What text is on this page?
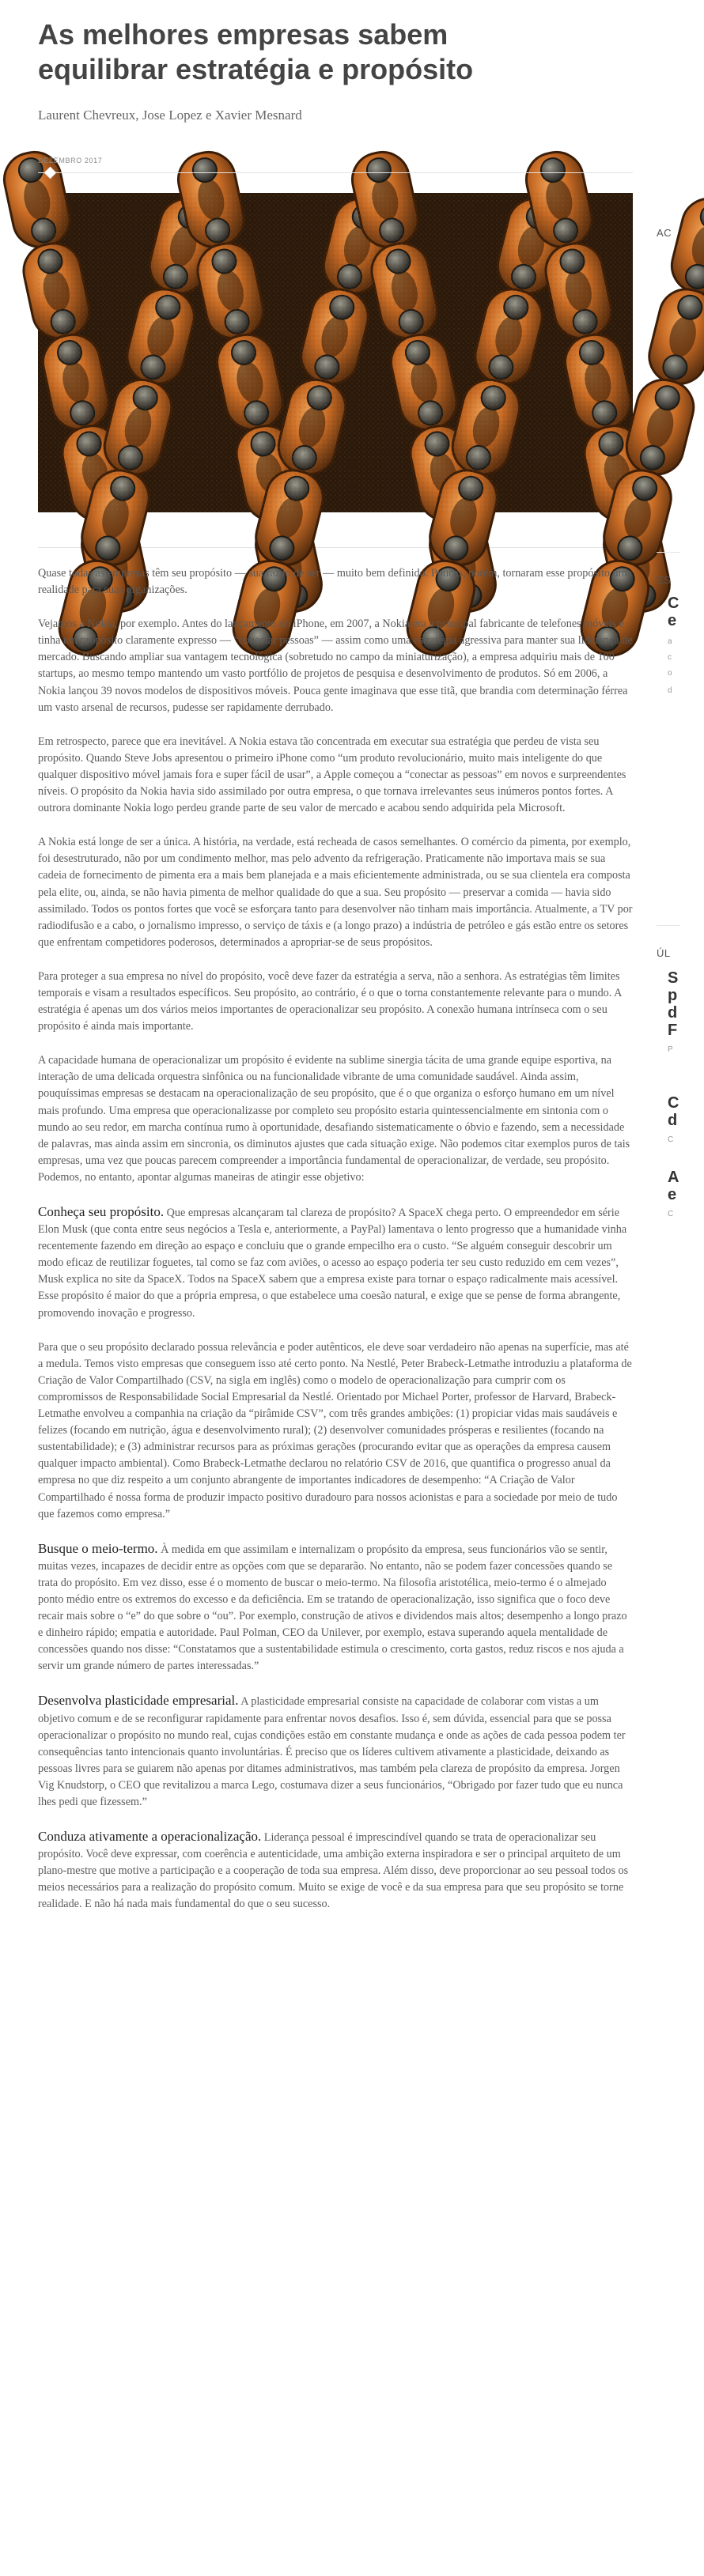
As melhores empresas sabem
equilibrar estratégia e propósito
Laurent Chevreux, Jose Lopez e Xavier Mesnard
DEZEMBRO 2017

Quase todas as empresas têm seu propósito — sua razão de ser — muito bem definido. Poucas, porém, tornaram esse propósito uma realidade para suas organizações.

Vejamos a Nokia, por exemplo. Antes do lançamento do iPhone, em 2007, a Nokia era a principal fabricante de telefones móveis e tinha um propósito claramente expresso — “conectar pessoas” — assim como uma estratégia agressiva para manter sua liderança de mercado. Buscando ampliar sua vantagem tecnológica (sobretudo no campo da miniaturização), a empresa adquiriu mais de 100 startups, ao mesmo tempo mantendo um vasto portfólio de projetos de pesquisa e desenvolvimento de produtos. Só em 2006, a Nokia lançou 39 novos modelos de dispositivos móveis. Pouca gente imaginava que esse titã, que brandia com determinação férrea um vasto arsenal de recursos, pudesse ser rapidamente derrubado.

Em retrospecto, parece que era inevitável. A Nokia estava tão concentrada em executar sua estratégia que perdeu de vista seu propósito. Quando Steve Jobs apresentou o primeiro iPhone como “um produto revolucionário, muito mais inteligente do que qualquer dispositivo móvel jamais fora e super fácil de usar”, a Apple começou a “conectar as pessoas” em novos e surpreendentes níveis. O propósito da Nokia havia sido assimilado por outra empresa, o que tornava irrelevantes seus inúmeros pontos fortes. A outrora dominante Nokia logo perdeu grande parte de seu valor de mercado e acabou sendo adquirida pela Microsoft.

A Nokia está longe de ser a única. A história, na verdade, está recheada de casos semelhantes. O comércio da pimenta, por exemplo, foi desestruturado, não por um condimento melhor, mas pelo advento da refrigeração. Praticamente não importava mais se sua cadeia de fornecimento de pimenta era a mais bem planejada e a mais eficientemente administrada, ou se sua clientela era composta pela elite, ou, ainda, se não havia pimenta de melhor qualidade do que a sua. Seu propósito — preservar a comida — havia sido assimilado. Todos os pontos fortes que você se esforçara tanto para desenvolver não tinham mais importância. Atualmente, a TV por radiodifusão e a cabo, o jornalismo impresso, o serviço de táxis e (a longo prazo) a indústria de petróleo e gás estão entre os setores que enfrentam competidores poderosos, determinados a apropriar-se de seus propósitos.

Para proteger a sua empresa no nível do propósito, você deve fazer da estratégia a serva, não a senhora. As estratégias têm limites temporais e visam a resultados específicos. Seu propósito, ao contrário, é o que o torna constantemente relevante para o mundo. A estratégia é apenas um dos vários meios importantes de operacionalizar seu propósito. A conexão humana intrínseca com o seu propósito é ainda mais importante.

A capacidade humana de operacionalizar um propósito é evidente na sublime sinergia tácita de uma grande equipe esportiva, na interação de uma delicada orquestra sinfônica ou na funcionalidade vibrante de uma comunidade saudável. Ainda assim, pouquíssimas empresas se destacam na operacionalização de seu propósito, que é o que organiza o esforço humano em um nível mais profundo. Uma empresa que operacionalizasse por completo seu propósito estaria quintessencialmente em sintonia com o mundo ao seu redor, em marcha contínua rumo à oportunidade, desafiando sistematicamente o óbvio e fazendo, sem a necessidade de palavras, mas ainda assim em sincronia, os diminutos ajustes que cada situação exige. Não podemos citar exemplos puros de tais empresas, uma vez que poucas parecem compreender a importância fundamental de operacionalizar, de verdade, seu propósito. Podemos, no entanto, apontar algumas maneiras de atingir esse objetivo:

Conheça seu propósito. Que empresas alcançaram tal clareza de propósito? A SpaceX chega perto. O empreendedor em série Elon Musk (que conta entre seus negócios a Tesla e, anteriormente, a PayPal) lamentava o lento progresso que a humanidade vinha recentemente fazendo em direção ao espaço e concluiu que o grande empecilho era o custo. “Se alguém conseguir descobrir um modo eficaz de reutilizar foguetes, tal como se faz com aviões, o acesso ao espaço poderia ter seu custo reduzido em cem vezes”, Musk explica no site da SpaceX. Todos na SpaceX sabem que a empresa existe para tornar o espaço radicalmente mais acessível. Esse propósito é maior do que a própria empresa, o que estabelece uma coesão natural, e exige que se pense de forma abrangente, promovendo inovação e progresso.

Para que o seu propósito declarado possua relevância e poder autênticos, ele deve soar verdadeiro não apenas na superfície, mas até a medula. Temos visto empresas que conseguem isso até certo ponto. Na Nestlé, Peter Brabeck-Letmathe introduziu a plataforma de Criação de Valor Compartilhado (CSV, na sigla em inglês) como o modelo de operacionalização para cumprir com os compromissos de Responsabilidade Social Empresarial da Nestlé. Orientado por Michael Porter, professor de Harvard, Brabeck-Letmathe envolveu a companhia na criação da “pirâmide CSV”, com três grandes ambições: (1) propiciar vidas mais saudáveis e felizes (focando em nutrição, água e desenvolvimento rural); (2) desenvolver comunidades prósperas e resilientes (focando na sustentabilidade); e (3) administrar recursos para as próximas gerações (procurando evitar que as operações da empresa causem qualquer impacto ambiental). Como Brabeck-Letmathe declarou no relatório CSV de 2016, que quantifica o progresso anual da empresa no que diz respeito a um conjunto abrangente de importantes indicadores de desempenho: “A Criação de Valor Compartilhado é nossa forma de produzir impacto positivo duradouro para nossos acionistas e para a sociedade por meio de tudo que fazemos como empresa.”

Busque o meio-termo. À medida em que assimilam e internalizam o propósito da empresa, seus funcionários vão se sentir, muitas vezes, incapazes de decidir entre as opções com que se depararão. No entanto, não se podem fazer concessões quando se trata do propósito. Em vez disso, esse é o momento de buscar o meio-termo. Na filosofia aristotélica, meio-termo é o almejado ponto médio entre os extremos do excesso e da deficiência. Em se tratando de operacionalização, isso significa que o foco deve recair mais sobre o “e” do que sobre o “ou”. Por exemplo, construção de ativos e dividendos mais altos; desempenho a longo prazo e dinheiro rápido; empatia e autoridade. Paul Polman, CEO da Unilever, por exemplo, estava superando aquela mentalidade de concessões quando nos disse: “Constatamos que a sustentabilidade estimula o crescimento, corta gastos, reduz riscos e nos ajuda a servir um grande número de partes interessadas.”

Desenvolva plasticidade empresarial. A plasticidade empresarial consiste na capacidade de colaborar com vistas a um objetivo comum e de se reconfigurar rapidamente para enfrentar novos desafios. Isso é, sem dúvida, essencial para que se possa operacionalizar o propósito no mundo real, cujas condições estão em constante mudança e onde as ações de cada pessoa podem ter consequências tanto intencionais quanto involuntárias. É preciso que os líderes cultivem ativamente a plasticidade, deixando as pessoas livres para se guiarem não apenas por ditames administrativos, mas também pela clareza de propósito da empresa. Jorgen Vig Knudstorp, o CEO que revitalizou a marca Lego, costumava dizer a seus funcionários, “Obrigado por fazer tudo que eu nunca lhes pedi que fizessem.”

Conduza ativamente a operacionalização. Liderança pessoal é imprescindível quando se trata de operacionalizar seu propósito. Você deve expressar, com coerência e autenticidade, uma ambição externa inspiradora e ser o principal arquiteto de um plano-mestre que motive a participação e a cooperação de toda sua empresa. Além disso, deve proporcionar ao seu pessoal todos os meios necessários para a realização do propósito comum. Muito se exige de você e da sua empresa para que seu propósito se torne realidade. E não há nada mais fundamental do que o seu sucesso.

AC
ES
C
e
a
c
o
d
ÚL
S
p
d
F
P
C
d
C
A
e
C
